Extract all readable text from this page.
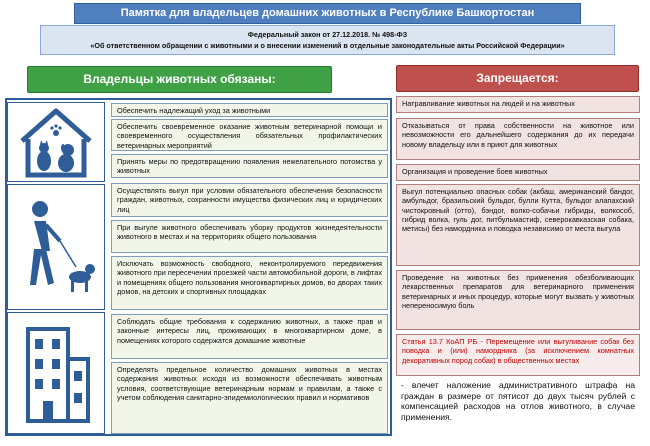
Памятка для владельцев домашних животных в Республике Башкортостан
Федеральный закон от 27.12.2018. № 498-ФЗ
«Об ответственном обращении с животными и о внесении изменений в отдельные законодательные акты Российской Федерации»
Владельцы животных обязаны:	Запрещается:
Обеспечить надлежащий уход за животными
Обеспечить своевременное оказание животным ветеринарной помощи и своевременного осуществления обязательных профилактических ветеринарных мероприятий
Принять меры по предотвращению появления нежелательного потомства у животных
Осуществлять выгул при условии обязательного обеспечения безопасности граждан, животных, сохранности имущества физических лиц и юридических лиц
При выгуле животного обеспечивать уборку продуктов жизнедеятельности животного в местах и на территориях общего пользования
Исключать возможность свободного, неконтролируемого передвижения животного при пересечении проезжей части автомобильной дороги, в лифтах и помещениях общего пользования многоквартирных домов, во дворах таких домов, на детских и спортивных площадках
Соблюдать общие требования к содержанию животных, а также прав и законные интересы лиц, проживающих в многоквартирном доме, в помещениях которого содержатся домашние животные
Определять предельное количество домашних животных в местах содержания животных исходя из возможности обеспечивать животным условия, соответствующие ветеринарным нормам и правилам, а также с учетом соблюдения санитарно-эпидемиологических правил и нормативов
Натравливание животных на людей и на животных
Отказываться от права собственности на животное или невозможности его дальнейшего содержания до их передачи новому владельцу или в приют для животных
Организация и проведение боев животных
Выгул потенциально опасных собак (акбаш, американский бандог, амбульдог, бразильский бульдог, булли Кутта, бульдог алапахский чистокровный (отто), бэндог, волко-собачьи гибриды, волкособ, гибрид волка, гуль дог, питбульмастиф, северокавказская собака, метисы) без намордника и поводка независимо от места выгула
Проведение на животных без применения обезболивающих лекарственных препаратов для ветеринарного применения ветеринарных и иных процедур, которые могут вызвать у животных непереносимую боль
Статья 13.7 КоАП РБ - Перемещение или выгуливание собак без поводка и (или) намордника (за исключением комнатных декоративных пород собак) в общественных местах
- влечет наложение административного штрафа на граждан в размере от пятисот до двух тысяч рублей с компенсацией расходов на отлов животного, в случае применения.
